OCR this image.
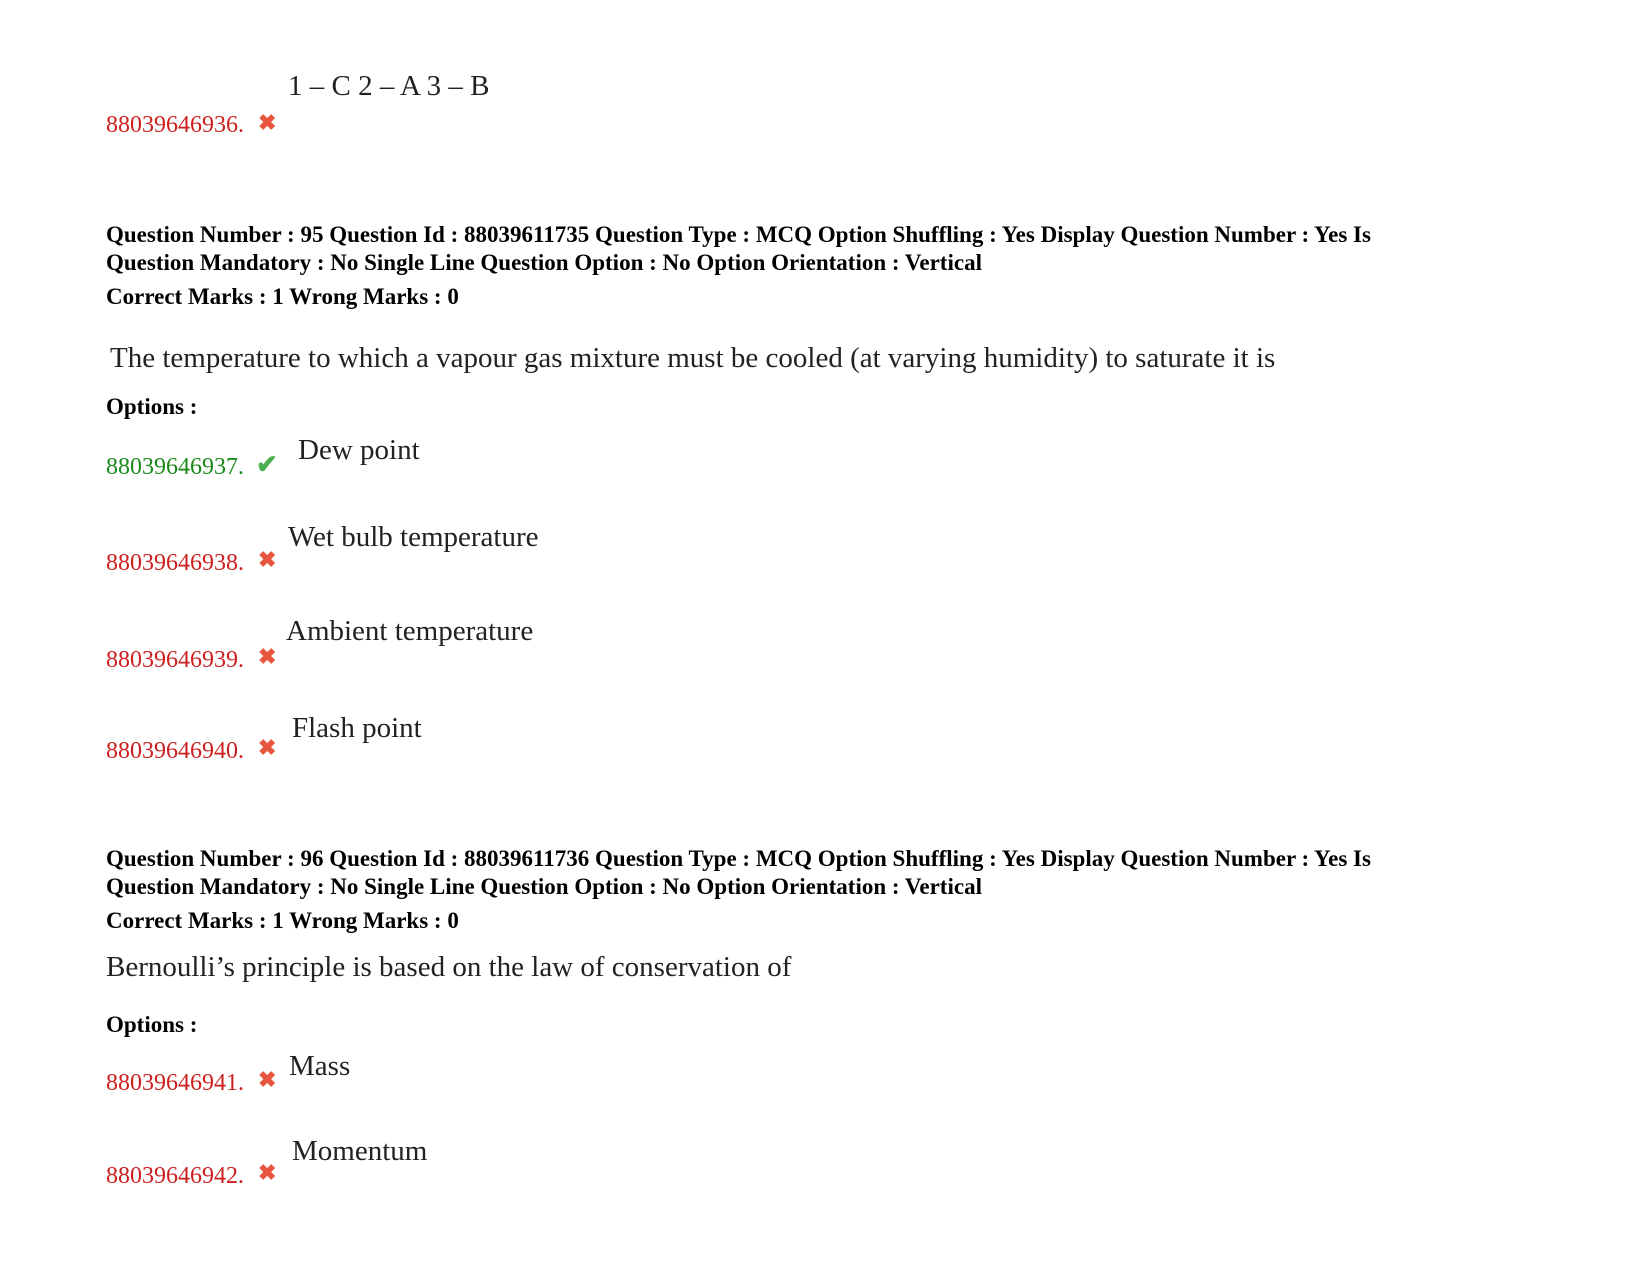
1 – C 2 – A 3 – B
88039646936. ✖
Question Number : 95 Question Id : 88039611735 Question Type : MCQ Option Shuffling : Yes Display Question Number : Yes Is
Question Mandatory : No Single Line Question Option : No Option Orientation : Vertical
Correct Marks : 1 Wrong Marks : 0
The temperature to which a vapour gas mixture must be cooled (at varying humidity) to saturate it is
Options :
Dew point
88039646937. ✔
Wet bulb temperature
88039646938. ✖
Ambient temperature
88039646939. ✖
Flash point
88039646940. ✖
Question Number : 96 Question Id : 88039611736 Question Type : MCQ Option Shuffling : Yes Display Question Number : Yes Is
Question Mandatory : No Single Line Question Option : No Option Orientation : Vertical
Correct Marks : 1 Wrong Marks : 0
Bernoulli’s principle is based on the law of conservation of
Options :
Mass
88039646941. ✖
Momentum
88039646942. ✖
